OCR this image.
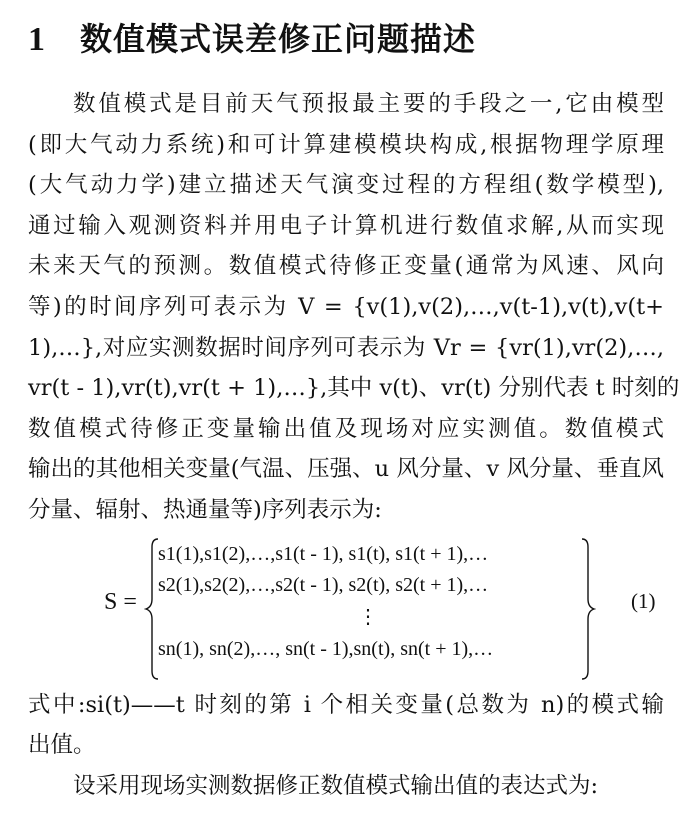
1	数值模式误差修正问题描述

数值模式是目前天气预报最主要的手段之一,它由模型

(即大气动力系统)和可计算建模模块构成,根据物理学原理

(大气动力学)建立描述天气演变过程的方程组(数学模型),

通过输入观测资料并用电子计算机进行数值求解,从而实现

未来天气的预测。数值模式待修正变量(通常为风速、风向

等)的时间序列可表示为 V = {v(1),v(2),…,v(t-1),v(t),v(t+

1),…},对应实测数据时间序列可表示为 Vr = {vr(1),vr(2),…,

vr(t - 1),vr(t),vr(t + 1),…},其中 v(t)、vr(t) 分别代表 t 时刻的

数值模式待修正变量输出值及现场对应实测值。数值模式

输出的其他相关变量(气温、压强、u 风分量、v 风分量、垂直风

分量、辐射、热通量等)序列表示为:

S =
s1(1),s1(2),…,s1(t - 1), s1(t), s1(t + 1),…
s2(1),s2(2),…,s2(t - 1), s2(t), s2(t + 1),…
⋮
sn(1), sn(2),…, sn(t - 1),sn(t), sn(t + 1),…
(1)

式中:si(t)——t 时刻的第 i 个相关变量(总数为 n)的模式输

出值。

设采用现场实测数据修正数值模式输出值的表达式为:
